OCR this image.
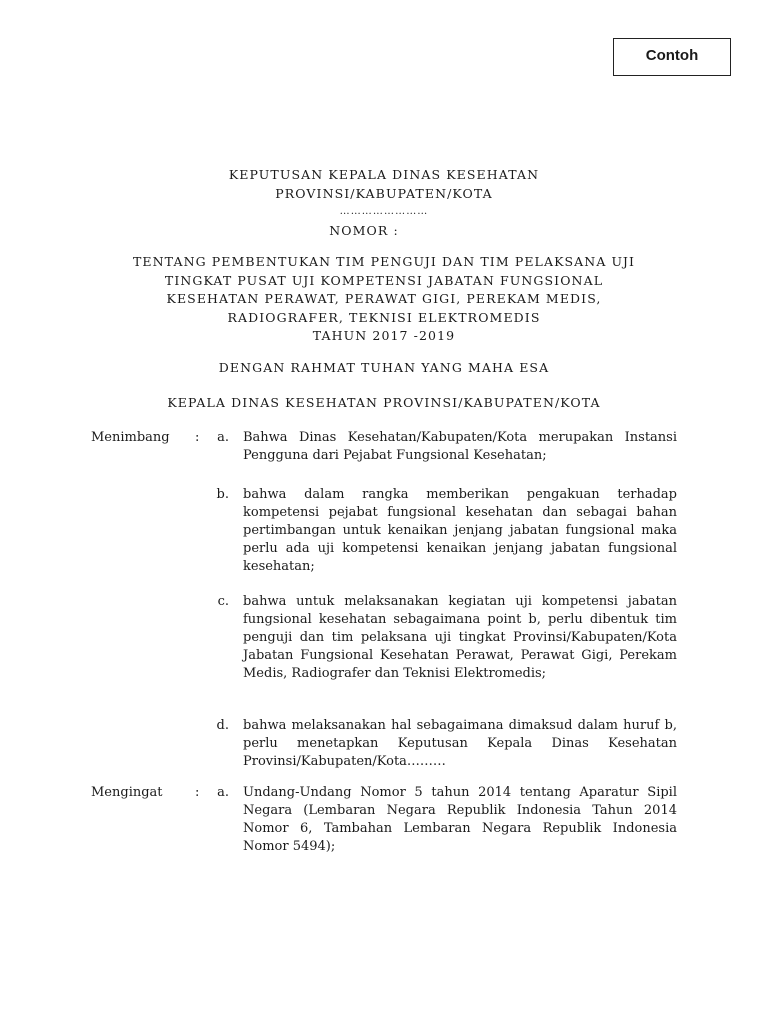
Contoh
KEPUTUSAN KEPALA DINAS KESEHATAN
PROVINSI/KABUPATEN/KOTA
……………………
NOMOR :
TENTANG PEMBENTUKAN TIM PENGUJI DAN TIM PELAKSANA UJI
TINGKAT PUSAT UJI KOMPETENSI JABATAN FUNGSIONAL
KESEHATAN PERAWAT, PERAWAT GIGI, PEREKAM MEDIS,
RADIOGRAFER, TEKNISI ELEKTROMEDIS
TAHUN 2017 -2019
DENGAN RAHMAT TUHAN YANG MAHA ESA
KEPALA DINAS KESEHATAN PROVINSI/KABUPATEN/KOTA
Menimbang :	a. Bahwa Dinas Kesehatan/Kabupaten/Kota merupakan Instansi Pengguna dari Pejabat Fungsional Kesehatan;
b. bahwa dalam rangka memberikan pengakuan terhadap kompetensi pejabat fungsional kesehatan dan sebagai bahan pertimbangan untuk kenaikan jenjang jabatan fungsional maka perlu ada uji kompetensi kenaikan jenjang jabatan fungsional kesehatan;
c. bahwa untuk melaksanakan kegiatan uji kompetensi jabatan fungsional kesehatan sebagaimana point b, perlu dibentuk tim penguji dan tim pelaksana uji tingkat Provinsi/Kabupaten/Kota Jabatan Fungsional Kesehatan Perawat, Perawat Gigi, Perekam Medis, Radiografer dan Teknisi Elektromedis;
d. bahwa melaksanakan hal sebagaimana dimaksud dalam huruf b, perlu menetapkan Keputusan Kepala Dinas Kesehatan Provinsi/Kabupaten/Kota………
Mengingat :	a. Undang-Undang Nomor 5 tahun 2014 tentang Aparatur Sipil Negara (Lembaran Negara Republik Indonesia Tahun 2014 Nomor 6, Tambahan Lembaran Negara Republik Indonesia Nomor 5494);
